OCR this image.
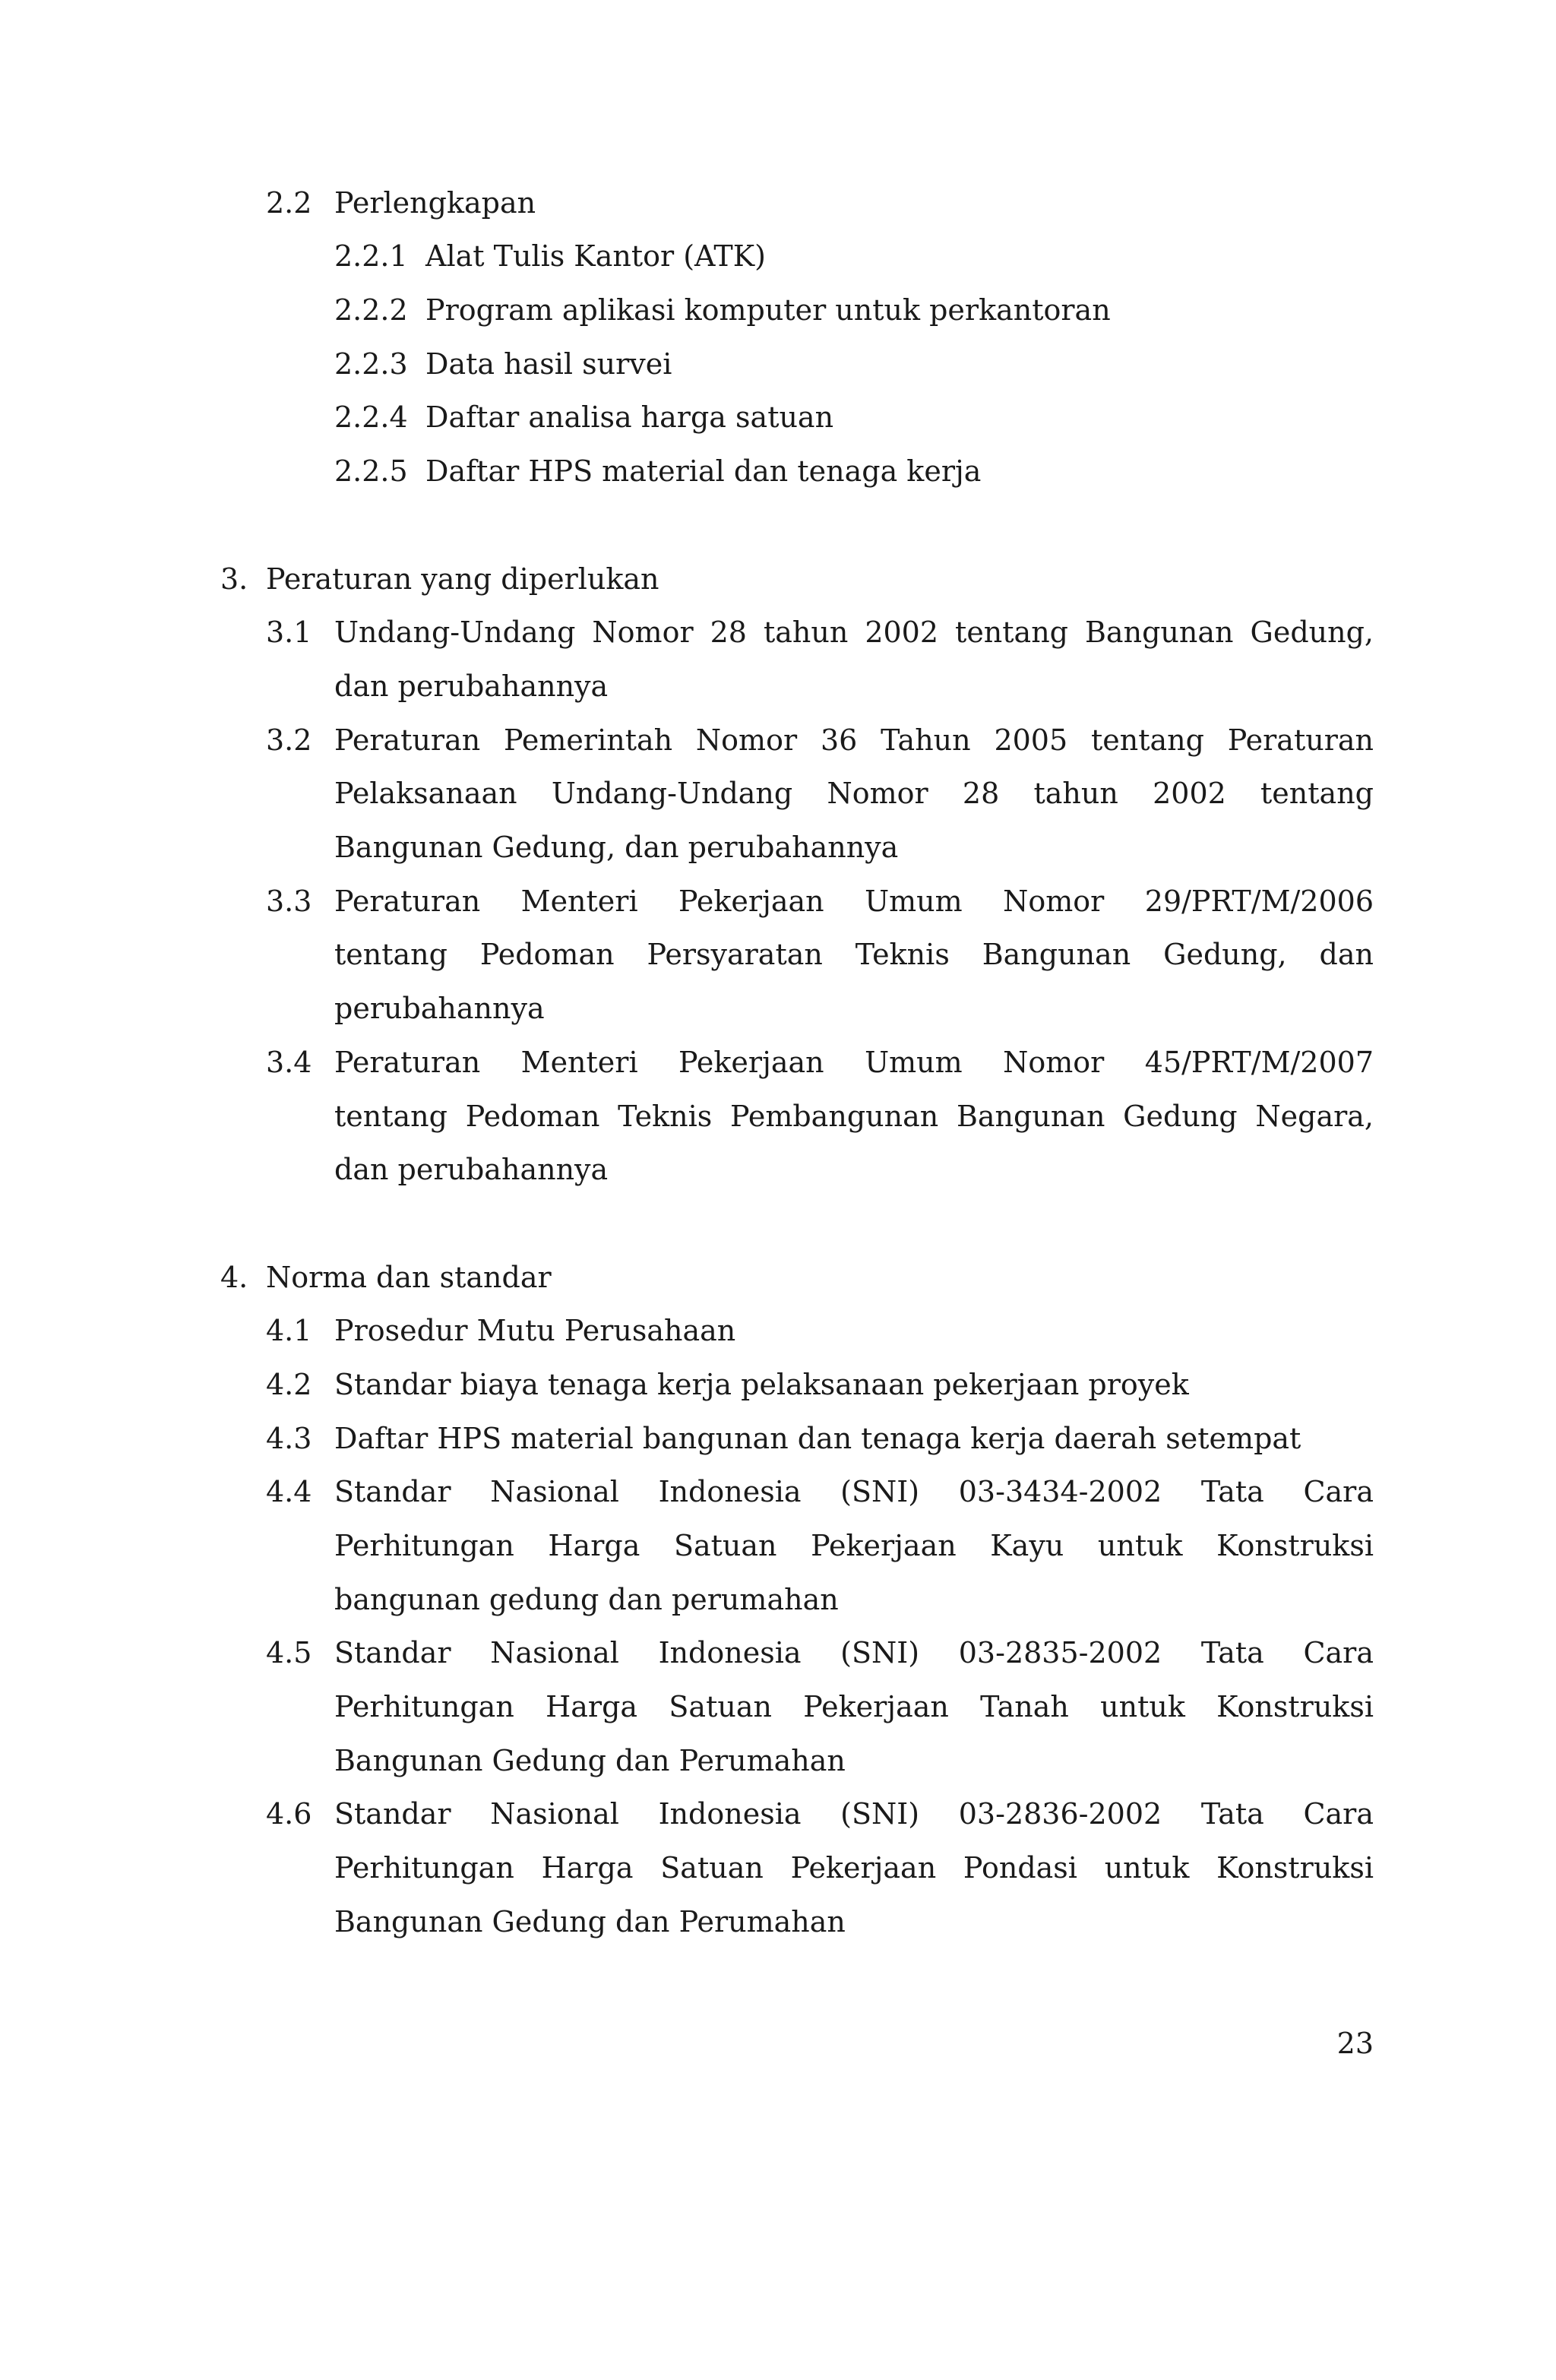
2.2 Perlengkapan
2.2.1 Alat Tulis Kantor (ATK)
2.2.2 Program aplikasi komputer untuk perkantoran
2.2.3 Data hasil survei
2.2.4 Daftar analisa harga satuan
2.2.5 Daftar HPS material dan tenaga kerja
3. Peraturan yang diperlukan
3.1 Undang-Undang Nomor 28 tahun 2002 tentang Bangunan Gedung,
dan perubahannya
3.2 Peraturan Pemerintah Nomor 36 Tahun 2005 tentang Peraturan
Pelaksanaan Undang-Undang Nomor 28 tahun 2002 tentang
Bangunan Gedung, dan perubahannya
3.3 Peraturan Menteri Pekerjaan Umum Nomor 29/PRT/M/2006
tentang Pedoman Persyaratan Teknis Bangunan Gedung, dan
perubahannya
3.4 Peraturan Menteri Pekerjaan Umum Nomor 45/PRT/M/2007
tentang Pedoman Teknis Pembangunan Bangunan Gedung Negara,
dan perubahannya
4. Norma dan standar
4.1 Prosedur Mutu Perusahaan
4.2 Standar biaya tenaga kerja pelaksanaan pekerjaan proyek
4.3 Daftar HPS material bangunan dan tenaga kerja daerah setempat
4.4 Standar Nasional Indonesia (SNI) 03-3434-2002 Tata Cara
Perhitungan Harga Satuan Pekerjaan Kayu untuk Konstruksi
bangunan gedung dan perumahan
4.5 Standar Nasional Indonesia (SNI) 03-2835-2002 Tata Cara
Perhitungan Harga Satuan Pekerjaan Tanah untuk Konstruksi
Bangunan Gedung dan Perumahan
4.6 Standar Nasional Indonesia (SNI) 03-2836-2002 Tata Cara
Perhitungan Harga Satuan Pekerjaan Pondasi untuk Konstruksi
Bangunan Gedung dan Perumahan
23
